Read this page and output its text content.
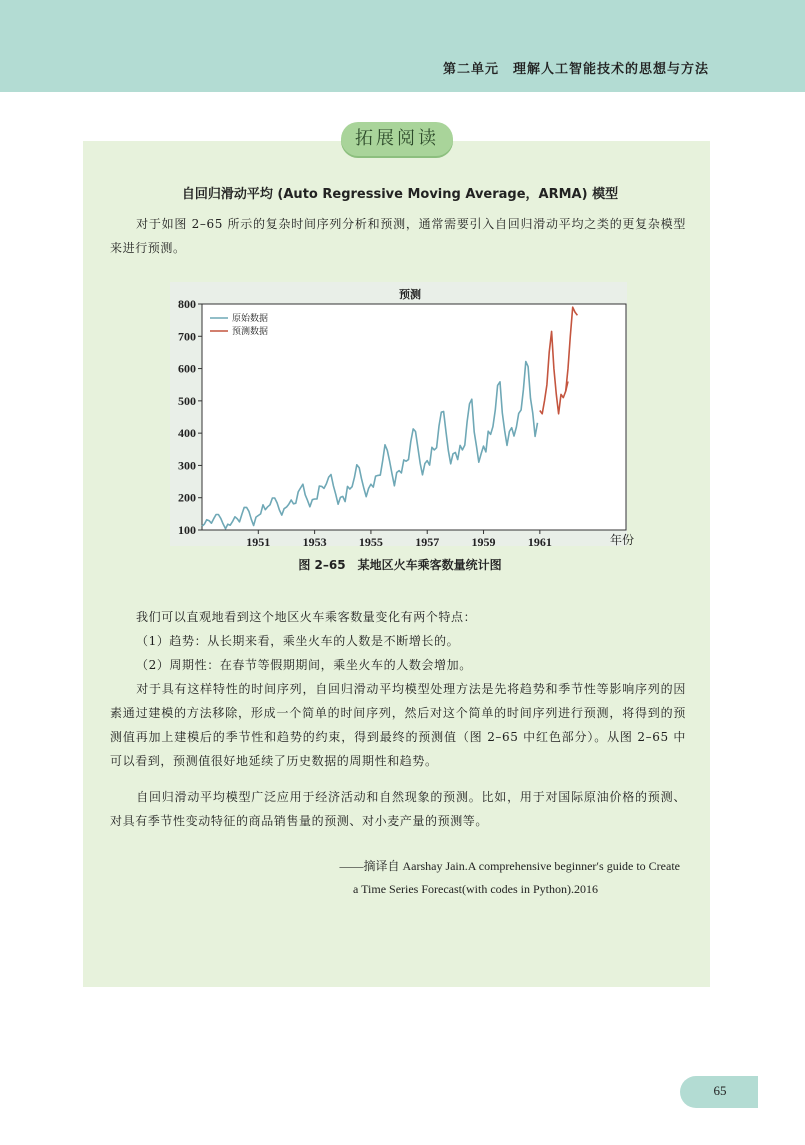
第二单元　理解人工智能技术的思想与方法
拓展阅读
自回归滑动平均 (Auto Regressive Moving Average，ARMA) 模型
对于如图 2–65 所示的复杂时间序列分析和预测，通常需要引入自回归滑动平均之类的更复杂模型来进行预测。
预测
100
200
300
400
500
600
700
800
1951	1953	1955	1957	1959	1961
原始数据
预测数据
年份
图 2–65　某地区火车乘客数量统计图
我们可以直观地看到这个地区火车乘客数量变化有两个特点：
（1）趋势：从长期来看，乘坐火车的人数是不断增长的。
（2）周期性：在春节等假期期间，乘坐火车的人数会增加。
对于具有这样特性的时间序列，自回归滑动平均模型处理方法是先将趋势和季节性等影响序列的因素通过建模的方法移除，形成一个简单的时间序列，然后对这个简单的时间序列进行预测，将得到的预测值再加上建模后的季节性和趋势的约束，得到最终的预测值（图 2–65 中红色部分）。从图 2–65 中可以看到，预测值很好地延续了历史数据的周期性和趋势。
自回归滑动平均模型广泛应用于经济活动和自然现象的预测。比如，用于对国际原油价格的预测、对具有季节性变动特征的商品销售量的预测、对小麦产量的预测等。
——摘译自 Aarshay Jain.A comprehensive beginner′s guide to Create
a Time Series Forecast(with codes in Python).2016
65
